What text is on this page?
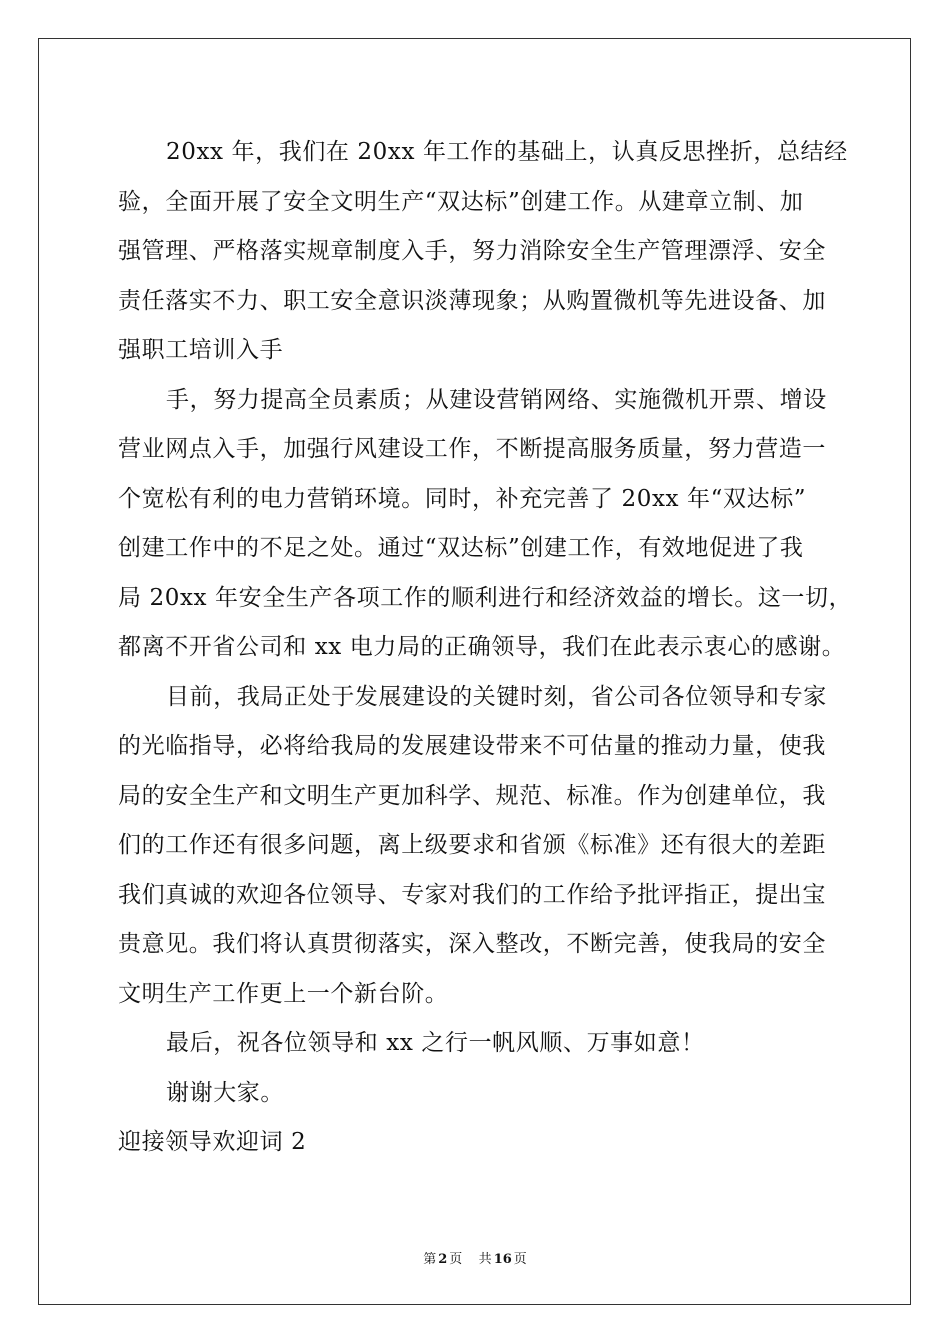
20xx 年，我们在 20xx 年工作的基础上，认真反思挫折，总结经
验，全面开展了安全文明生产“双达标”创建工作。从建章立制、加
强管理、严格落实规章制度入手，努力消除安全生产管理漂浮、安全
责任落实不力、职工安全意识淡薄现象；从购置微机等先进设备、加
强职工培训入手
手，努力提高全员素质；从建设营销网络、实施微机开票、增设
营业网点入手，加强行风建设工作，不断提高服务质量，努力营造一
个宽松有利的电力营销环境。同时，补充完善了 20xx 年“双达标”
创建工作中的不足之处。通过“双达标”创建工作，有效地促进了我
局 20xx 年安全生产各项工作的顺利进行和经济效益的增长。这一切，
都离不开省公司和 xx 电力局的正确领导，我们在此表示衷心的感谢。
目前，我局正处于发展建设的关键时刻，省公司各位领导和专家
的光临指导，必将给我局的发展建设带来不可估量的推动力量，使我
局的安全生产和文明生产更加科学、规范、标准。作为创建单位，我
们的工作还有很多问题，离上级要求和省颁《标准》还有很大的差距
我们真诚的欢迎各位领导、专家对我们的工作给予批评指正，提出宝
贵意见。我们将认真贯彻落实，深入整改，不断完善，使我局的安全
文明生产工作更上一个新台阶。
最后，祝各位领导和 xx 之行一帆风顺、万事如意！
谢谢大家。
迎接领导欢迎词 2
第 2 页 共 16 页
